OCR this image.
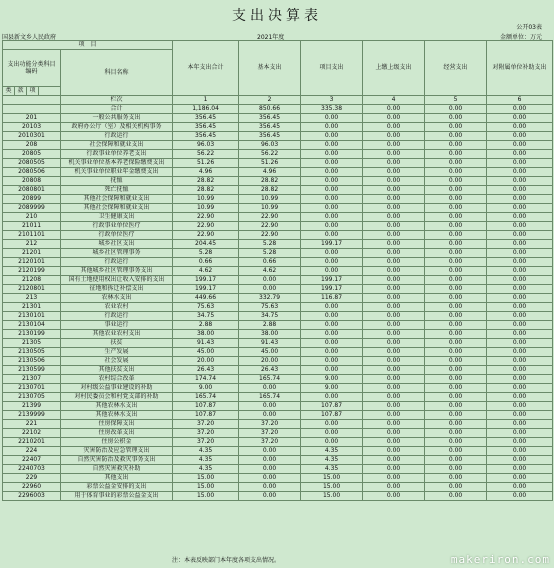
支出决算表
公开03表
国县新文乡人民政府	2021年度	金额单位：万元
项　目					本年支出合计	基本支出	项目支出	上缴上级支出	经营支出	对附属单位补助支出
支出功能分类科目编码				科目名称						
类	款	项								
				栏次	1	2	3	4	5	6
				合计	1,186.04	850.66	335.38	0.00	0.00	0.00
201				一般公共服务支出	356.45	356.45	0.00	0.00	0.00	0.00
20103				政府办公厅（室）及相关机构事务	356.45	356.45	0.00	0.00	0.00	0.00
2010301				行政运行	356.45	356.45	0.00	0.00	0.00	0.00
208				社会保障和就业支出	96.03	96.03	0.00	0.00	0.00	0.00
20805				行政事业单位养老支出	56.22	56.22	0.00	0.00	0.00	0.00
2080505				机关事业单位基本养老保险缴费支出	51.26	51.26	0.00	0.00	0.00	0.00
2080506				机关事业单位职业年金缴费支出	4.96	4.96	0.00	0.00	0.00	0.00
20808				抚恤	28.82	28.82	0.00	0.00	0.00	0.00
2080801				死亡抚恤	28.82	28.82	0.00	0.00	0.00	0.00
20899				其他社会保障和就业支出	10.99	10.99	0.00	0.00	0.00	0.00
2089999				其他社会保障和就业支出	10.99	10.99	0.00	0.00	0.00	0.00
210				卫生健康支出	22.90	22.90	0.00	0.00	0.00	0.00
21011				行政事业单位医疗	22.90	22.90	0.00	0.00	0.00	0.00
2101101				行政单位医疗	22.90	22.90	0.00	0.00	0.00	0.00
212				城乡社区支出	204.45	5.28	199.17	0.00	0.00	0.00
21201				城乡社区管理事务	5.28	5.28	0.00	0.00	0.00	0.00
2120101				行政运行	0.66	0.66	0.00	0.00	0.00	0.00
2120199				其他城乡社区管理事务支出	4.62	4.62	0.00	0.00	0.00	0.00
21208				国有土地使用权出让收入安排的支出	199.17	0.00	199.17	0.00	0.00	0.00
2120801				征地和拆迁补偿支出	199.17	0.00	199.17	0.00	0.00	0.00
213				农林水支出	449.66	332.79	116.87	0.00	0.00	0.00
21301				农业农村	75.63	75.63	0.00	0.00	0.00	0.00
2130101				行政运行	34.75	34.75	0.00	0.00	0.00	0.00
2130104				事业运行	2.88	2.88	0.00	0.00	0.00	0.00
2130199				其他农业农村支出	38.00	38.00	0.00	0.00	0.00	0.00
21305				扶贫	91.43	91.43	0.00	0.00	0.00	0.00
2130505				生产发展	45.00	45.00	0.00	0.00	0.00	0.00
2130506				社会发展	20.00	20.00	0.00	0.00	0.00	0.00
2130599				其他扶贫支出	26.43	26.43	0.00	0.00	0.00	0.00
21307				农村综合改革	174.74	165.74	9.00	0.00	0.00	0.00
2130701				对村级公益事业建设的补助	9.00	0.00	9.00	0.00	0.00	0.00
2130705				对村民委员会和村党支部的补助	165.74	165.74	0.00	0.00	0.00	0.00
21399				其他农林水支出	107.87	0.00	107.87	0.00	0.00	0.00
2139999				其他农林水支出	107.87	0.00	107.87	0.00	0.00	0.00
221				住房保障支出	37.20	37.20	0.00	0.00	0.00	0.00
22102				住房改革支出	37.20	37.20	0.00	0.00	0.00	0.00
2210201				住房公积金	37.20	37.20	0.00	0.00	0.00	0.00
224				灾害防治及应急管理支出	4.35	0.00	4.35	0.00	0.00	0.00
22407				自然灾害防治及救灾事务支出	4.35	0.00	4.35	0.00	0.00	0.00
2240703				自然灾害救灾补助	4.35	0.00	4.35	0.00	0.00	0.00
229				其他支出	15.00	0.00	15.00	0.00	0.00	0.00
22960				彩票公益金安排的支出	15.00	0.00	15.00	0.00	0.00	0.00
2296003				用于体育事业的彩票公益金支出	15.00	0.00	15.00	0.00	0.00	0.00
注：本表反映部门本年度各项支出情况。	makeriron.com
